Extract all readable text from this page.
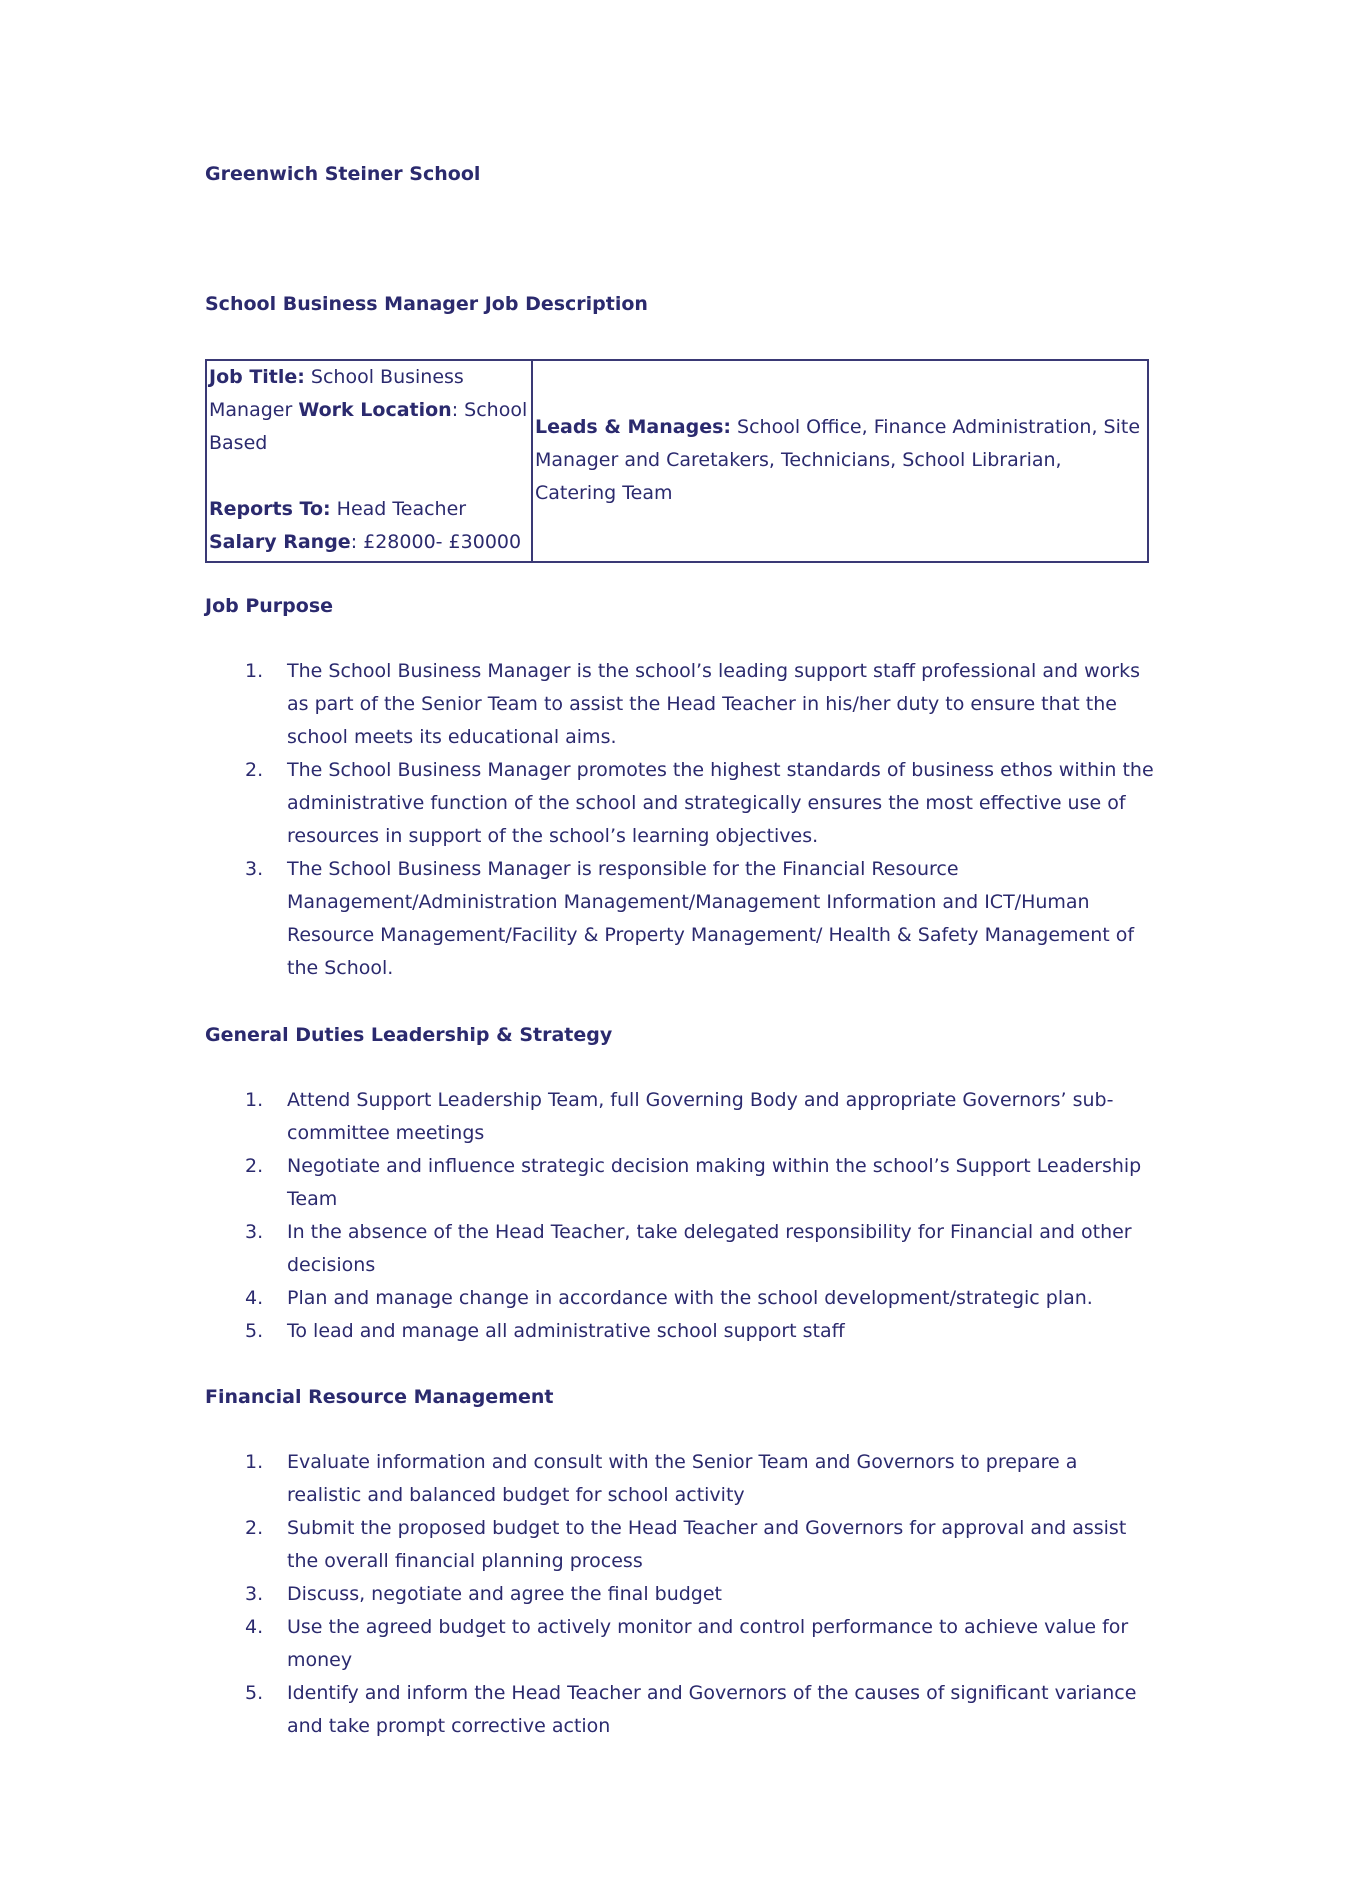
Greenwich Steiner School

School Business Manager Job Description

Job Title: School Business Manager Work Location: School Based
Reports To: Head Teacher
Salary Range: £28000- £30000
Leads & Manages: School Office, Finance Administration, Site Manager and Caretakers, Technicians, School Librarian, Catering Team

Job Purpose

1.	The School Business Manager is the school’s leading support staff professional and works as part of the Senior Team to assist the Head Teacher in his/her duty to ensure that the school meets its educational aims.
2.	The School Business Manager promotes the highest standards of business ethos within the administrative function of the school and strategically ensures the most effective use of resources in support of the school’s learning objectives.
3.	The School Business Manager is responsible for the Financial Resource Management/Administration Management/Management Information and ICT/Human Resource Management/Facility & Property Management/ Health & Safety Management of the School.

General Duties Leadership & Strategy

1.	Attend Support Leadership Team, full Governing Body and appropriate Governors’ sub-committee meetings
2.	Negotiate and influence strategic decision making within the school’s Support Leadership Team
3.	In the absence of the Head Teacher, take delegated responsibility for Financial and other decisions
4.	Plan and manage change in accordance with the school development/strategic plan.
5.	To lead and manage all administrative school support staff

Financial Resource Management

1.	Evaluate information and consult with the Senior Team and Governors to prepare a realistic and balanced budget for school activity
2.	Submit the proposed budget to the Head Teacher and Governors for approval and assist the overall financial planning process
3.	Discuss, negotiate and agree the final budget
4.	Use the agreed budget to actively monitor and control performance to achieve value for money
5.	Identify and inform the Head Teacher and Governors of the causes of significant variance and take prompt corrective action
